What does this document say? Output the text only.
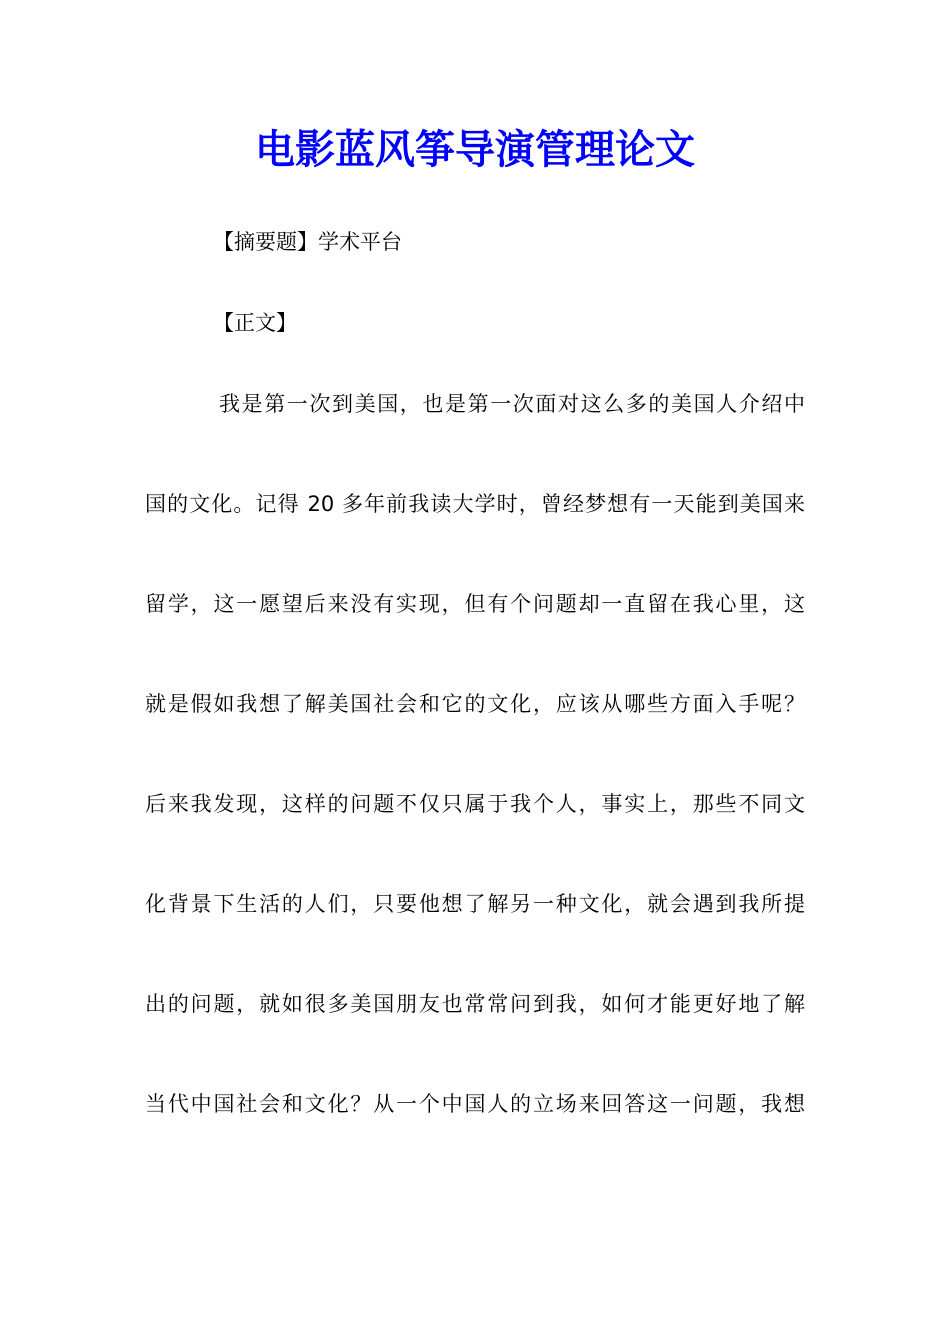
电影蓝风筝导演管理论文

【摘要题】学术平台

【正文】

我是第一次到美国，也是第一次面对这么多的美国人介绍中
国的文化。记得 20 多年前我读大学时，曾经梦想有一天能到美国来
留学，这一愿望后来没有实现，但有个问题却一直留在我心里，这
就是假如我想了解美国社会和它的文化，应该从哪些方面入手呢？
后来我发现，这样的问题不仅只属于我个人，事实上，那些不同文
化背景下生活的人们，只要他想了解另一种文化，就会遇到我所提
出的问题，就如很多美国朋友也常常问到我，如何才能更好地了解
当代中国社会和文化？从一个中国人的立场来回答这一问题，我想
